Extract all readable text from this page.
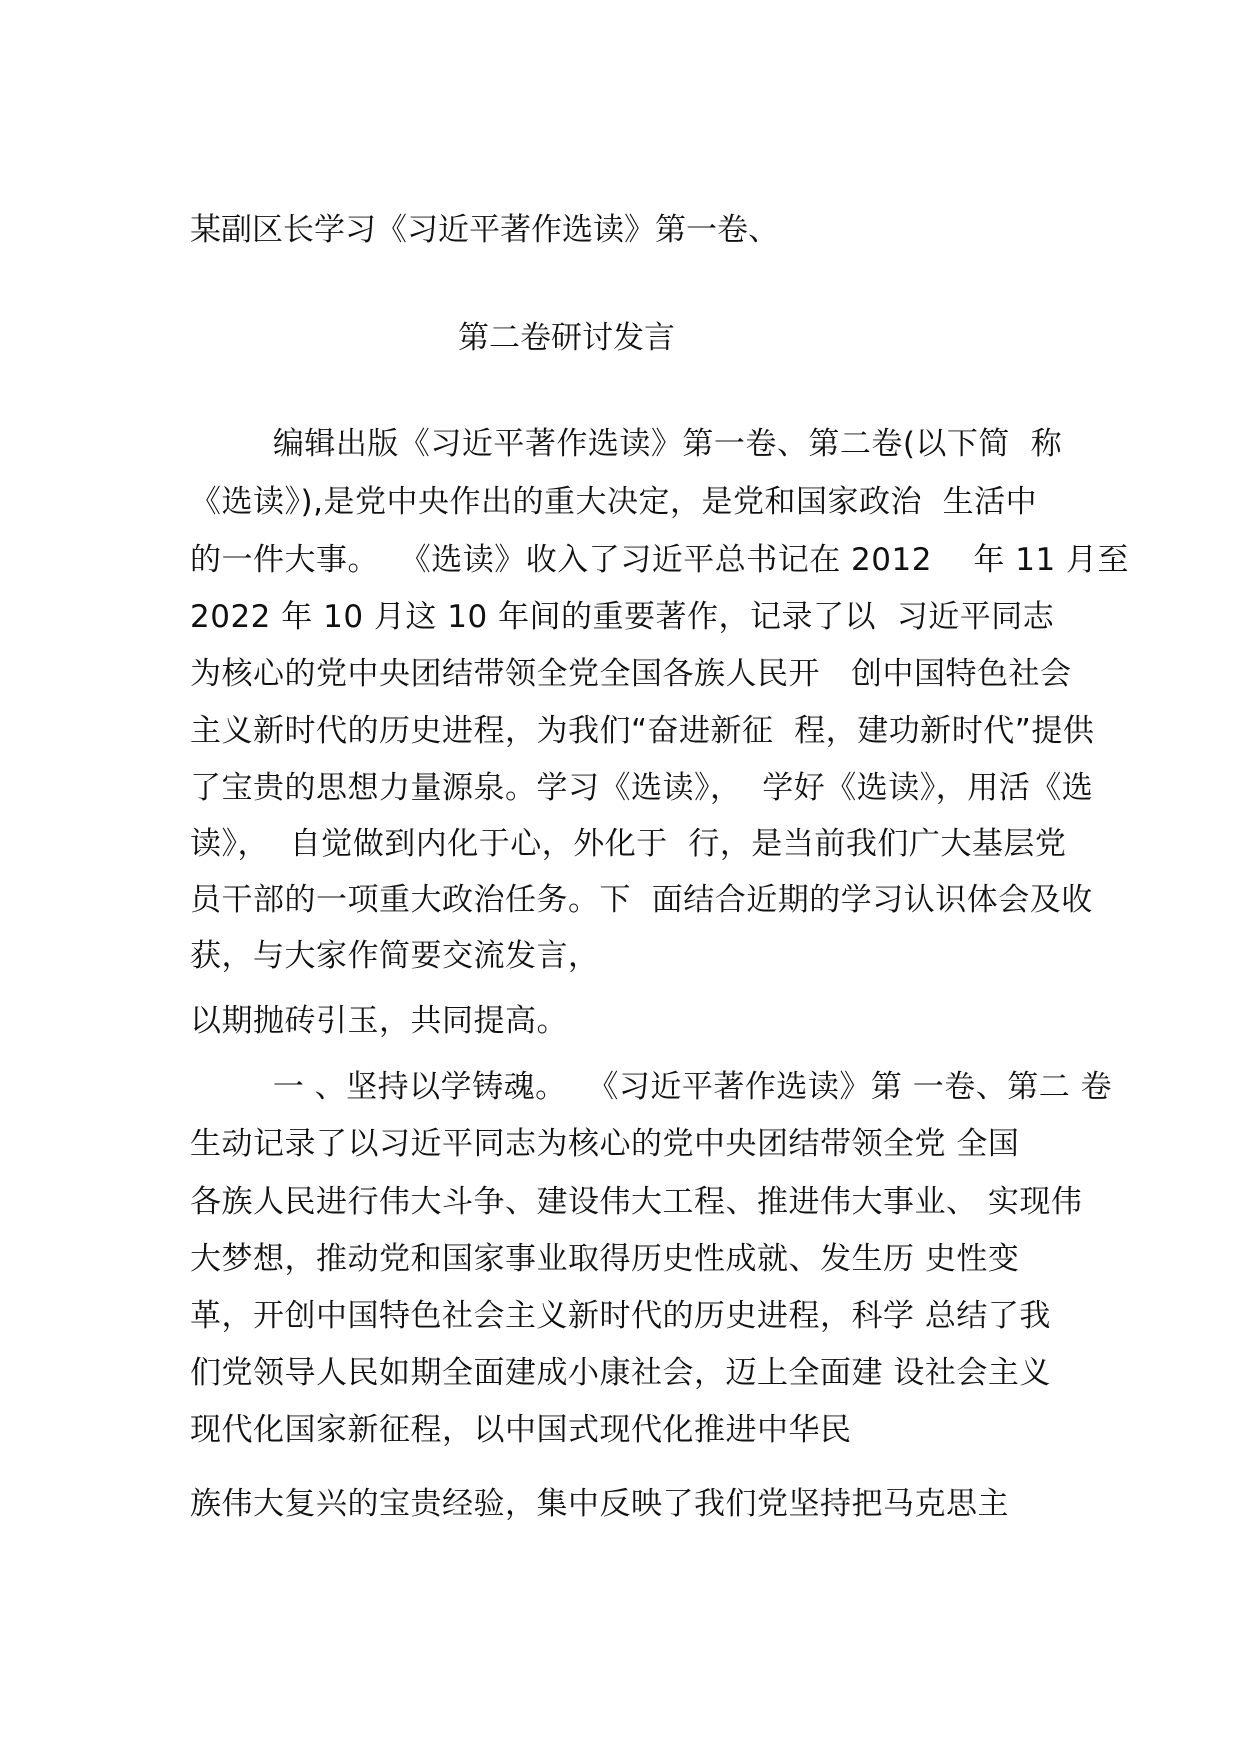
某副区长学习《习近平著作选读》第一卷、
第二卷研讨发言
编辑出版《习近平著作选读》第一卷、第二卷(以下简  称
《选读》),是党中央作出的重大决定，是党和国家政治  生活中
的一件大事。  《选读》收入了习近平总书记在 2012    年 11 月至
2022 年 10 月这 10 年间的重要著作，记录了以  习近平同志
为核心的党中央团结带领全党全国各族人民开   创中国特色社会
主义新时代的历史进程，为我们“奋进新征  程，建功新时代”提供
了宝贵的思想力量源泉。学习《选读》，  学好《选读》，用活《选
读》，  自觉做到内化于心，外化于  行，是当前我们广大基层党
员干部的一项重大政治任务。下  面结合近期的学习认识体会及收
获，与大家作简要交流发言，
以期抛砖引玉，共同提高。
一 、坚持以学铸魂。  《习近平著作选读》第 一卷、第二 卷
生动记录了以习近平同志为核心的党中央团结带领全党 全国
各族人民进行伟大斗争、建设伟大工程、推进伟大事业、 实现伟
大梦想，推动党和国家事业取得历史性成就、发生历 史性变
革，开创中国特色社会主义新时代的历史进程，科学 总结了我
们党领导人民如期全面建成小康社会，迈上全面建 设社会主义
现代化国家新征程，以中国式现代化推进中华民
族伟大复兴的宝贵经验，集中反映了我们党坚持把马克思主
